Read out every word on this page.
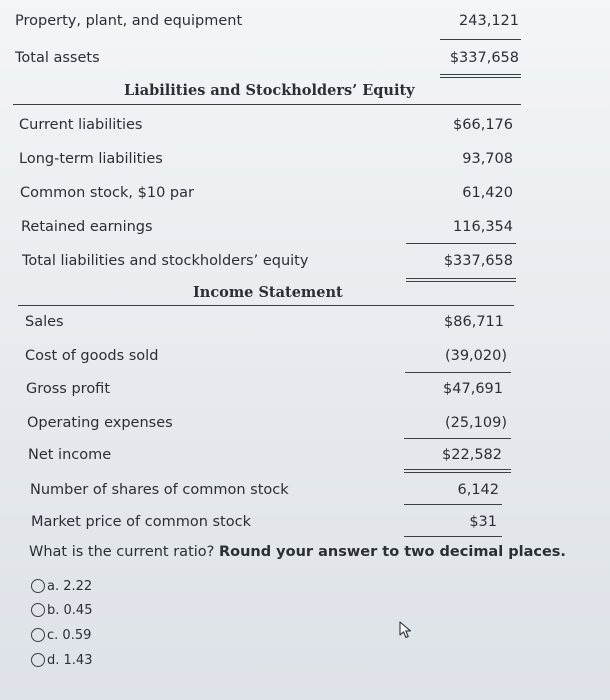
Property, plant, and equipment	243,121
Total assets	$337,658
Liabilities and Stockholders’ Equity
Current liabilities	$66,176
Long-term liabilities	93,708
Common stock, $10 par	61,420
Retained earnings	116,354
Total liabilities and stockholders’ equity	$337,658
Income Statement
Sales	$86,711
Cost of goods sold	(39,020)
Gross profit	$47,691
Operating expenses	(25,109)
Net income	$22,582
Number of shares of common stock	6,142
Market price of common stock	$31
What is the current ratio? Round your answer to two decimal places.
a. 2.22
b. 0.45
c. 0.59
d. 1.43
